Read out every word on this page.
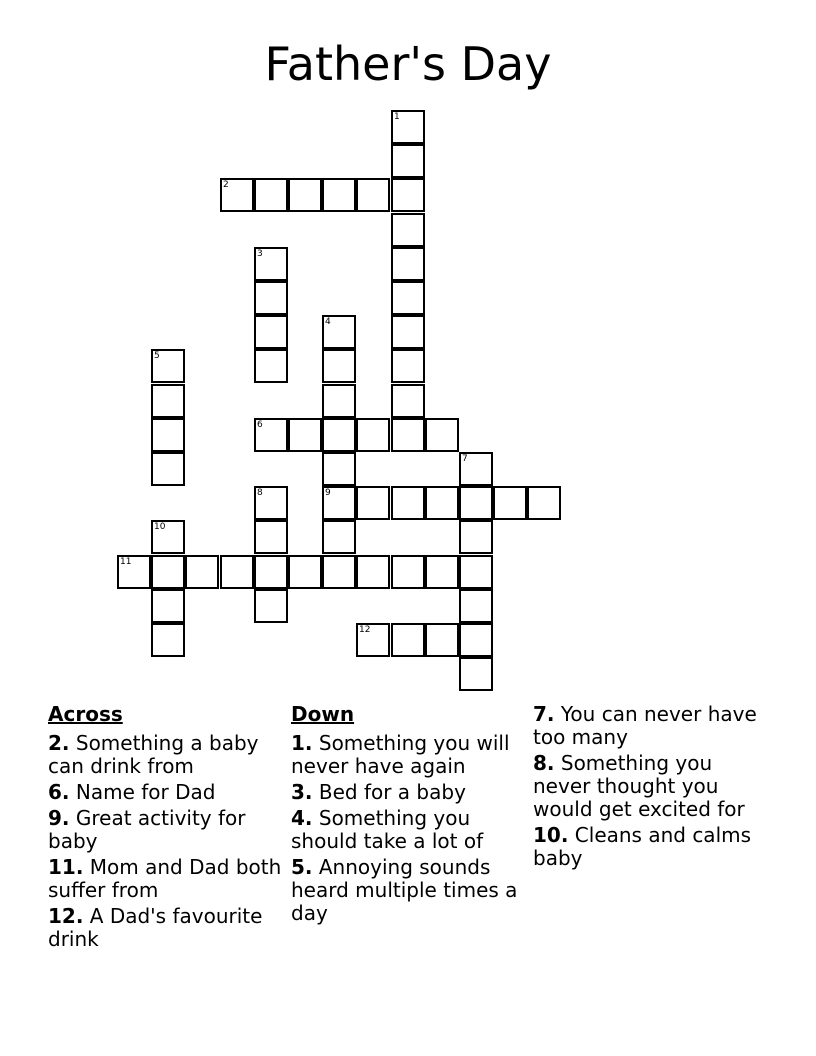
Father's Day
1
2
3
4
9
5
6
7
8
10
11
12
Across
2. Something a baby can drink from
6. Name for Dad
9. Great activity for baby
11. Mom and Dad both suffer from
12. A Dad's favourite drink
Down
1. Something you will never have again
3. Bed for a baby
4. Something you should take a lot of
5. Annoying sounds heard multiple times a day
7. You can never have too many
8. Something you never thought you would get excited for
10. Cleans and calms baby
